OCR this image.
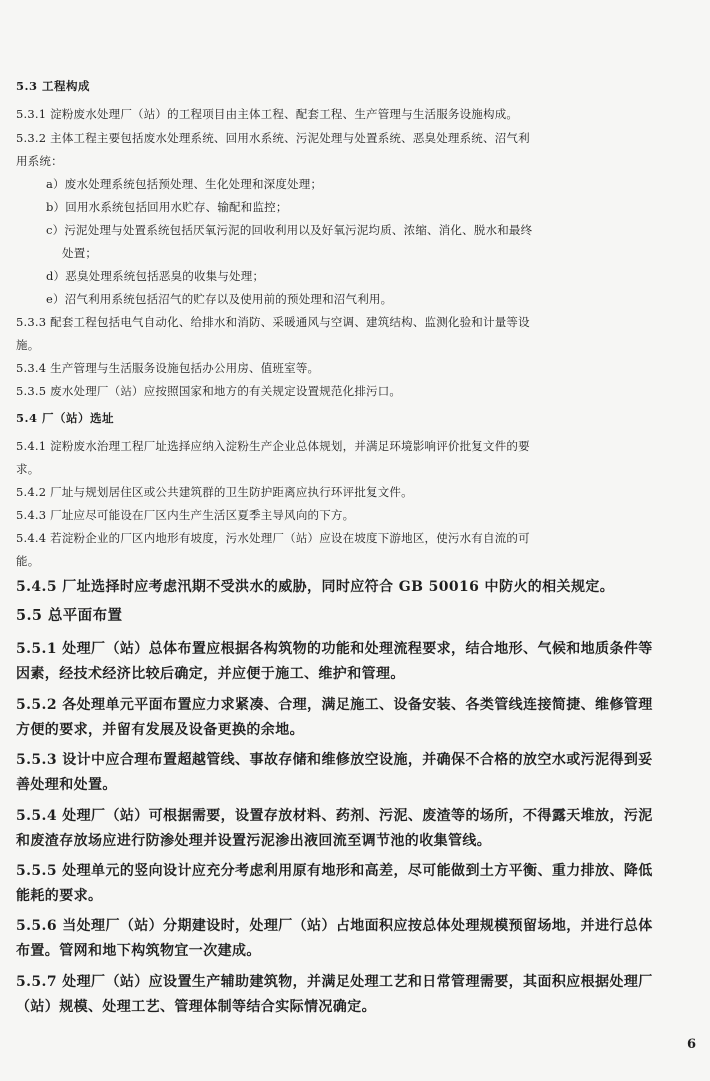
5.3 工程构成
5.3.1 淀粉废水处理厂（站）的工程项目由主体工程、配套工程、生产管理与生活服务设施构成。
5.3.2 主体工程主要包括废水处理系统、回用水系统、污泥处理与处置系统、恶臭处理系统、沼气利
用系统：
a）废水处理系统包括预处理、生化处理和深度处理；
b）回用水系统包括回用水贮存、输配和监控；
c）污泥处理与处置系统包括厌氧污泥的回收利用以及好氧污泥均质、浓缩、消化、脱水和最终
处置；
d）恶臭处理系统包括恶臭的收集与处理；
e）沼气利用系统包括沼气的贮存以及使用前的预处理和沼气利用。
5.3.3 配套工程包括电气自动化、给排水和消防、采暖通风与空调、建筑结构、监测化验和计量等设
施。
5.3.4 生产管理与生活服务设施包括办公用房、值班室等。
5.3.5 废水处理厂（站）应按照国家和地方的有关规定设置规范化排污口。
5.4 厂（站）选址
5.4.1 淀粉废水治理工程厂址选择应纳入淀粉生产企业总体规划，并满足环境影响评价批复文件的要
求。
5.4.2 厂址与规划居住区或公共建筑群的卫生防护距离应执行环评批复文件。
5.4.3 厂址应尽可能设在厂区内生产生活区夏季主导风向的下方。
5.4.4 若淀粉企业的厂区内地形有坡度，污水处理厂（站）应设在坡度下游地区，使污水有自流的可
能。
5.4.5 厂址选择时应考虑汛期不受洪水的威胁，同时应符合 GB 50016 中防火的相关规定。
5.5 总平面布置
5.5.1 处理厂（站）总体布置应根据各构筑物的功能和处理流程要求，结合地形、气候和地质条件等
因素，经技术经济比较后确定，并应便于施工、维护和管理。
5.5.2 各处理单元平面布置应力求紧凑、合理，满足施工、设备安装、各类管线连接简捷、维修管理
方便的要求，并留有发展及设备更换的余地。
5.5.3 设计中应合理布置超越管线、事故存储和维修放空设施，并确保不合格的放空水或污泥得到妥
善处理和处置。
5.5.4 处理厂（站）可根据需要，设置存放材料、药剂、污泥、废渣等的场所，不得露天堆放，污泥
和废渣存放场应进行防渗处理并设置污泥渗出液回流至调节池的收集管线。
5.5.5 处理单元的竖向设计应充分考虑利用原有地形和高差，尽可能做到土方平衡、重力排放、降低
能耗的要求。
5.5.6 当处理厂（站）分期建设时，处理厂（站）占地面积应按总体处理规模预留场地，并进行总体
布置。管网和地下构筑物宜一次建成。
5.5.7 处理厂（站）应设置生产辅助建筑物，并满足处理工艺和日常管理需要，其面积应根据处理厂
（站）规模、处理工艺、管理体制等结合实际情况确定。
6
